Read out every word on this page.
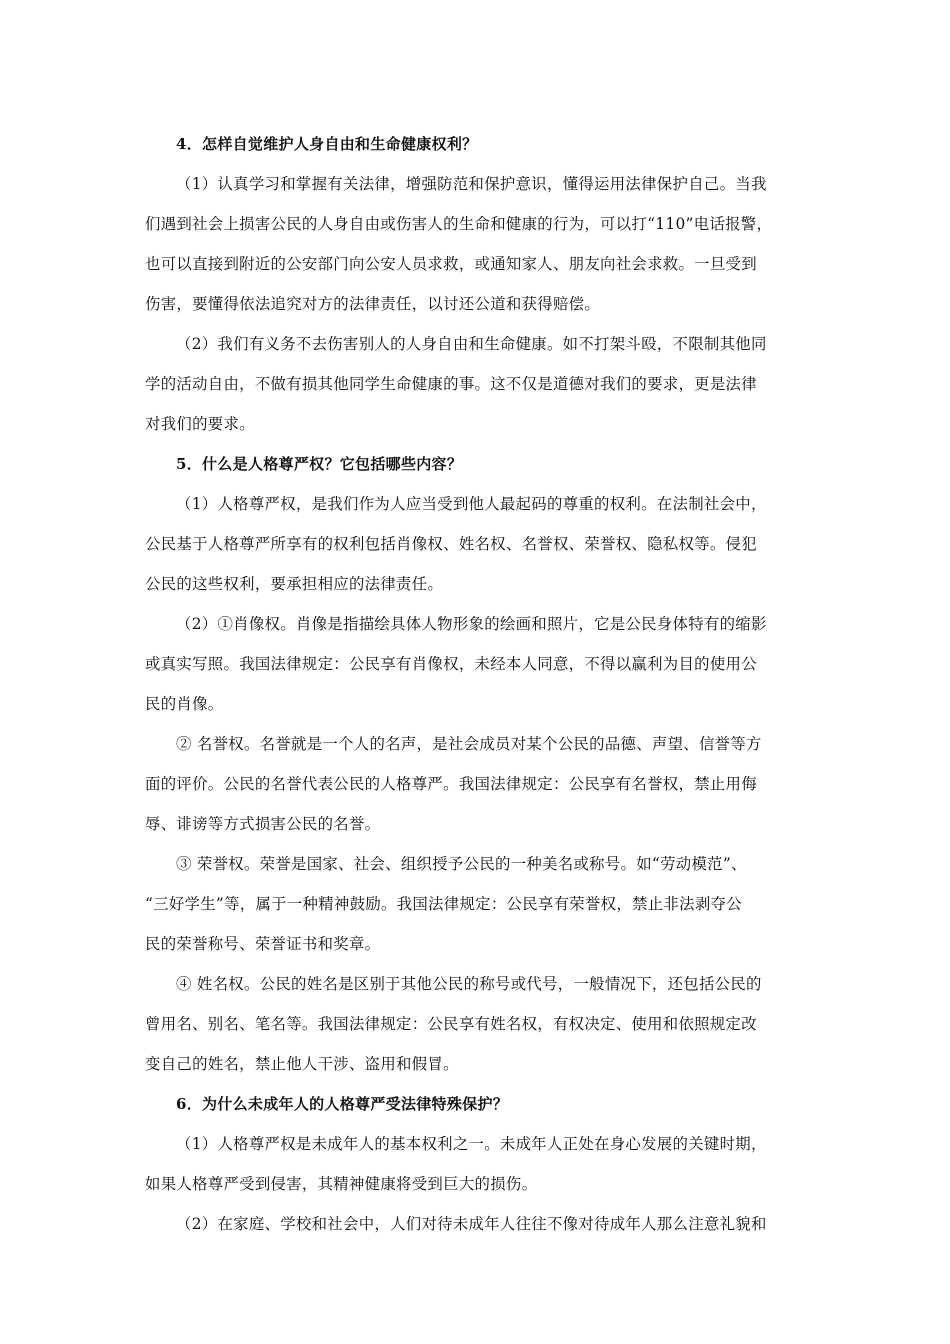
4．怎样自觉维护人身自由和生命健康权利？
（1）认真学习和掌握有关法律，增强防范和保护意识，懂得运用法律保护自己。当我
们遇到社会上损害公民的人身自由或伤害人的生命和健康的行为，可以打“110”电话报警，
也可以直接到附近的公安部门向公安人员求救，或通知家人、朋友向社会求救。一旦受到
伤害，要懂得依法追究对方的法律责任，以讨还公道和获得赔偿。
（2）我们有义务不去伤害别人的人身自由和生命健康。如不打架斗殴，不限制其他同
学的活动自由，不做有损其他同学生命健康的事。这不仅是道德对我们的要求，更是法律
对我们的要求。
5．什么是人格尊严权？它包括哪些内容？
（1）人格尊严权，是我们作为人应当受到他人最起码的尊重的权利。在法制社会中，
公民基于人格尊严所享有的权利包括肖像权、姓名权、名誉权、荣誉权、隐私权等。侵犯
公民的这些权利，要承担相应的法律责任。
（2）①肖像权。肖像是指描绘具体人物形象的绘画和照片，它是公民身体特有的缩影
或真实写照。我国法律规定：公民享有肖像权，未经本人同意，不得以赢利为目的使用公
民的肖像。
② 名誉权。名誉就是一个人的名声，是社会成员对某个公民的品德、声望、信誉等方
面的评价。公民的名誉代表公民的人格尊严。我国法律规定：公民享有名誉权，禁止用侮
辱、诽谤等方式损害公民的名誉。
③ 荣誉权。荣誉是国家、社会、组织授予公民的一种美名或称号。如“劳动模范”、
“三好学生”等，属于一种精神鼓励。我国法律规定：公民享有荣誉权，禁止非法剥夺公
民的荣誉称号、荣誉证书和奖章。
④ 姓名权。公民的姓名是区别于其他公民的称号或代号，一般情况下，还包括公民的
曾用名、别名、笔名等。我国法律规定：公民享有姓名权，有权决定、使用和依照规定改
变自己的姓名，禁止他人干涉、盗用和假冒。
6．为什么未成年人的人格尊严受法律特殊保护？
（1）人格尊严权是未成年人的基本权利之一。未成年人正处在身心发展的关键时期，
如果人格尊严受到侵害，其精神健康将受到巨大的损伤。
（2）在家庭、学校和社会中，人们对待未成年人往往不像对待成年人那么注意礼貌和
